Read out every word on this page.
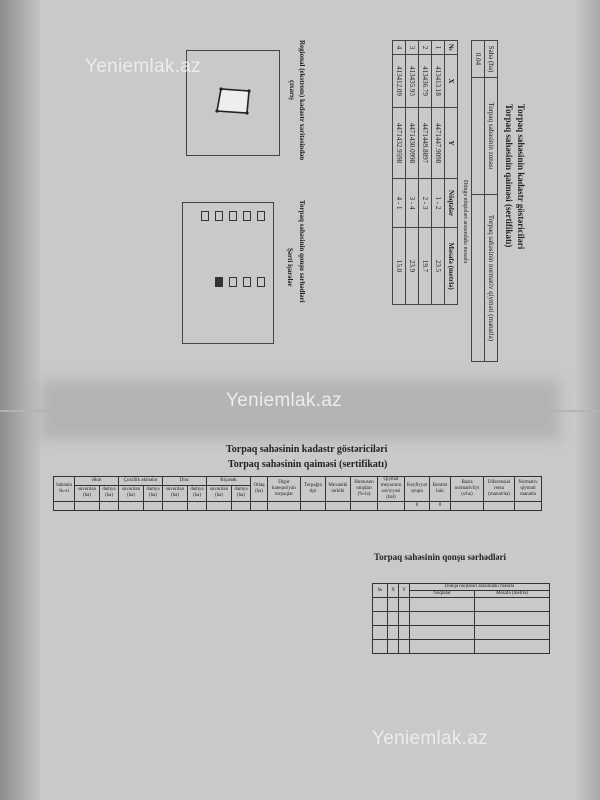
Torpaq sahəsinin kadastr göstəriciləri
Torpaq sahəsinin qaiməsi (sertifikatı)
Sahə (ha)	Torpaq sahəsinin zonası	Torpaq sahəsinin normativ qiyməti (manatla)
0.04		
№	X	Y	Nöqtələr	Məsafə (metrlə)
1	413413.18	4471447.9098	1 - 2	23.5
2	413436.79	4471449.8897	2 - 3	19.7
3	413435.93	4471430.0998	3 - 4	23.9
4	413412.09	4471432.9598	4 - 1	15.0
Döngə nöqtələri arasındakı məsafə
Regional (ekstrom) kadastr xəritəsindən
çıxarış
Torpaq sahəsinin qonşu sərhədləri
Şərti işarələr
Torpaq sahəsinin kadastr göstəriciləri
Torpaq sahəsinin qaiməsi (sertifikatı)
Sahənin №-si	Əkin		Çoxillik əkmələr		Dinc		Biçənək		Otlaq (ha)	Digər kateqoriyalı torpaqlar	Torpağın tipi	Mexaniki tərkibi	Humusun miqdarı (%-lə)	Qiymət meyarının səviyyəsi (bal)	Keyfiyyət qrupu	Bonitet balı	Bazis normativliyi (s/ha)	Diferensial renta (manat/ha)	Normativ qiyməti manatla
	suvarılan (ha)	dəmyə (ha)	suvarılan (ha)	dəmyə (ha)	suvarılan (ha)	dəmyə (ha)	suvarılan (ha)	dəmyə (ha)											
															0	0			
Torpaq sahəsinin qonşu sərhədləri
№	X	Y	Dönqə nöqtələri arasındakı məsafə	
			Nöqtələr	Məsafə (metrlə)

Yeniemlak.az
Yeniemlak.az
Yeniemlak.az
